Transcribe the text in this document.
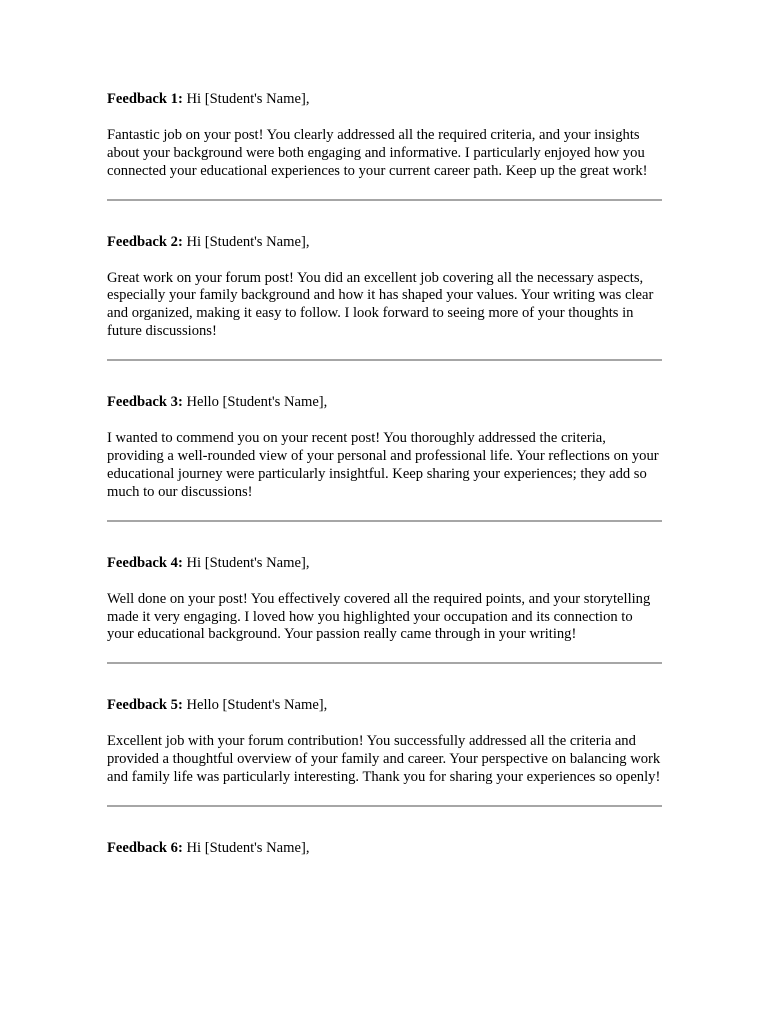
Feedback 1: Hi [Student's Name],

Fantastic job on your post! You clearly addressed all the required criteria, and your insights about your background were both engaging and informative. I particularly enjoyed how you connected your educational experiences to your current career path. Keep up the great work!

Feedback 2: Hi [Student's Name],

Great work on your forum post! You did an excellent job covering all the necessary aspects, especially your family background and how it has shaped your values. Your writing was clear and organized, making it easy to follow. I look forward to seeing more of your thoughts in future discussions!

Feedback 3: Hello [Student's Name],

I wanted to commend you on your recent post! You thoroughly addressed the criteria, providing a well-rounded view of your personal and professional life. Your reflections on your educational journey were particularly insightful. Keep sharing your experiences; they add so much to our discussions!

Feedback 4: Hi [Student's Name],

Well done on your post! You effectively covered all the required points, and your storytelling made it very engaging. I loved how you highlighted your occupation and its connection to your educational background. Your passion really came through in your writing!

Feedback 5: Hello [Student's Name],

Excellent job with your forum contribution! You successfully addressed all the criteria and provided a thoughtful overview of your family and career. Your perspective on balancing work and family life was particularly interesting. Thank you for sharing your experiences so openly!

Feedback 6: Hi [Student's Name],
